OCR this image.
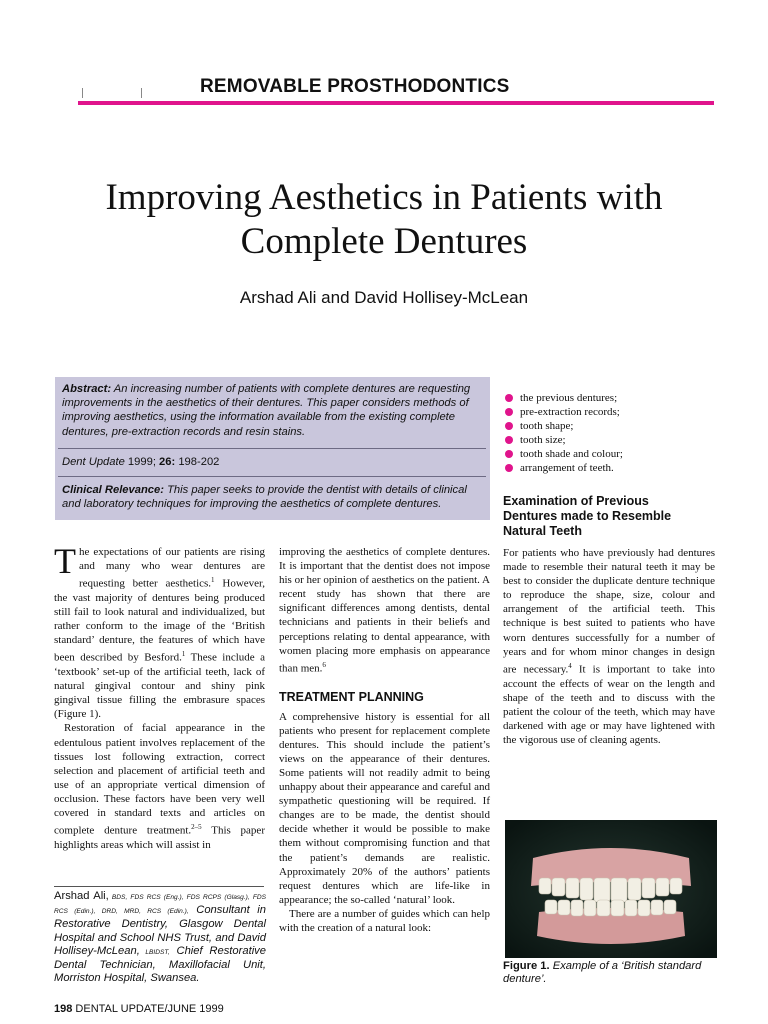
REMOVABLE PROSTHODONTICS
Improving Aesthetics in Patients with
Complete Dentures
Arshad Ali and David Hollisey-McLean
Abstract: An increasing number of patients with complete dentures are requesting improvements in the aesthetics of their dentures. This paper considers methods of improving aesthetics, using the information available from the existing complete dentures, pre-extraction records and resin stains.
Dent Update 1999; 26: 198-202
Clinical Relevance: This paper seeks to provide the dentist with details of clinical and laboratory techniques for improving the aesthetics of complete dentures.

The expectations of our patients are rising and many who wear dentures are requesting better aesthetics.$^1$ However, the vast majority of dentures being produced still fail to look natural and individualized, but rather conform to the image of the ‘British standard’ denture, the features of which have been described by Besford.$^1$ These include a ‘textbook’ set-up of the artificial teeth, lack of natural gingival contour and shiny pink gingival tissue filling the embrasure spaces (Figure 1).

Restoration of facial appearance in the edentulous patient involves replacement of the tissues lost following extraction, correct selection and placement of artificial teeth and use of an appropriate vertical dimension of occlusion. These factors have been very well covered in standard texts and articles on complete denture treatment.$^{2-5}$ This paper highlights areas which will assist in

Arshad Ali, BDS, FDS RCS (Eng.), FDS RCPS (Glasg.), FDS RCS (Edin.), DRD, MRD, RCS (Edin.), Consultant in Restorative Dentistry, Glasgow Dental Hospital and School NHS Trust, and David Hollisey-McLean, LBIDST, Chief Restorative Dental Technician, Maxillofacial Unit, Morriston Hospital, Swansea.

improving the aesthetics of complete dentures. It is important that the dentist does not impose his or her opinion of aesthetics on the patient. A recent study has shown that there are significant differences among dentists, dental technicians and patients in their beliefs and perceptions relating to dental appearance, with women placing more emphasis on appearance than men.$^6$

TREATMENT PLANNING

A comprehensive history is essential for all patients who present for replacement complete dentures. This should include the patient’s views on the appearance of their dentures. Some patients will not readily admit to being unhappy about their appearance and careful and sympathetic questioning will be required. If changes are to be made, the dentist should decide whether it would be possible to make them without compromising function and that the patient’s demands are realistic. Approximately 20% of the authors’ patients request dentures which are life-like in appearance; the so-called ‘natural’ look.

There are a number of guides which can help with the creation of a natural look:

the previous dentures;
pre-extraction records;
tooth shape;
tooth size;
tooth shade and colour;
arrangement of teeth.
Examination of Previous
Dentures made to Resemble
Natural Teeth

For patients who have previously had dentures made to resemble their natural teeth it may be best to consider the duplicate denture technique to reproduce the shape, size, colour and arrangement of the artificial teeth. This technique is best suited to patients who have worn dentures successfully for a number of years and for whom minor changes in design are necessary.$^4$ It is important to take into account the effects of wear on the length and shape of the teeth and to discuss with the patient the colour of the teeth, which may have darkened with age or may have lightened with the vigorous use of cleaning agents.

Figure 1. Example of a ‘British standard denture’.
198 DENTAL UPDATE/JUNE 1999
